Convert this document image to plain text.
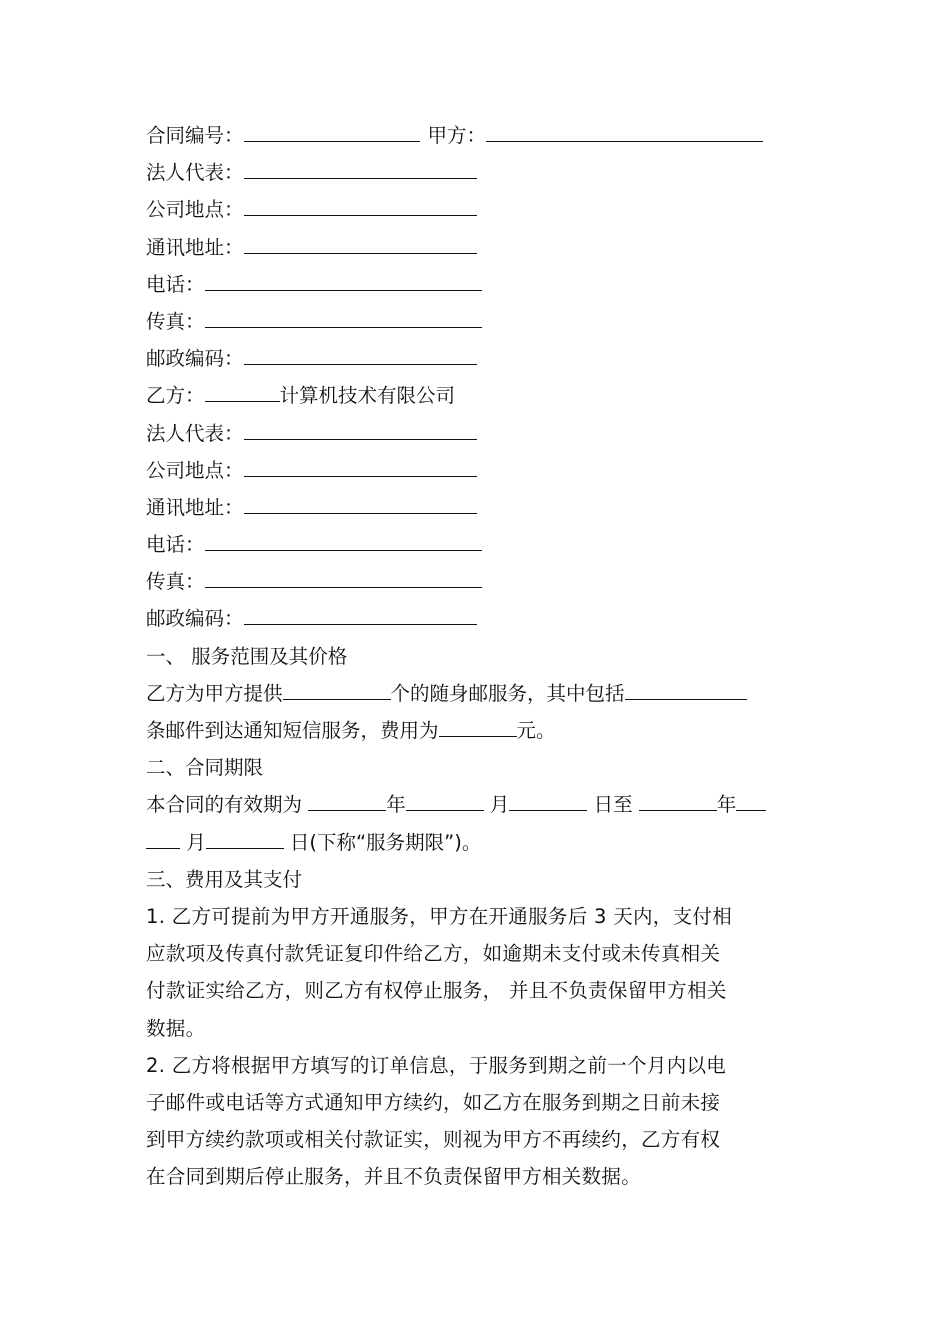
合同编号：	甲方：
法人代表：
公司地点：
通讯地址：
电话：
传真：
邮政编码：
乙方：	计算机技术有限公司
法人代表：
公司地点：
通讯地址：
电话：
传真：
邮政编码：
一、 服务范围及其价格
乙方为甲方提供	个的随身邮服务，其中包括
条邮件到达通知短信服务，费用为	元。
二、合同期限
本合同的有效期为	年	月	日至	年
月	日(下称“服务期限”)。
三、费用及其支付
1. 乙方可提前为甲方开通服务，甲方在开通服务后 3 天内，支付相
应款项及传真付款凭证复印件给乙方，如逾期未支付或未传真相关
付款证实给乙方，则乙方有权停止服务， 并且不负责保留甲方相关
数据。
2. 乙方将根据甲方填写的订单信息，于服务到期之前一个月内以电
子邮件或电话等方式通知甲方续约，如乙方在服务到期之日前未接
到甲方续约款项或相关付款证实，则视为甲方不再续约，乙方有权
在合同到期后停止服务，并且不负责保留甲方相关数据。
